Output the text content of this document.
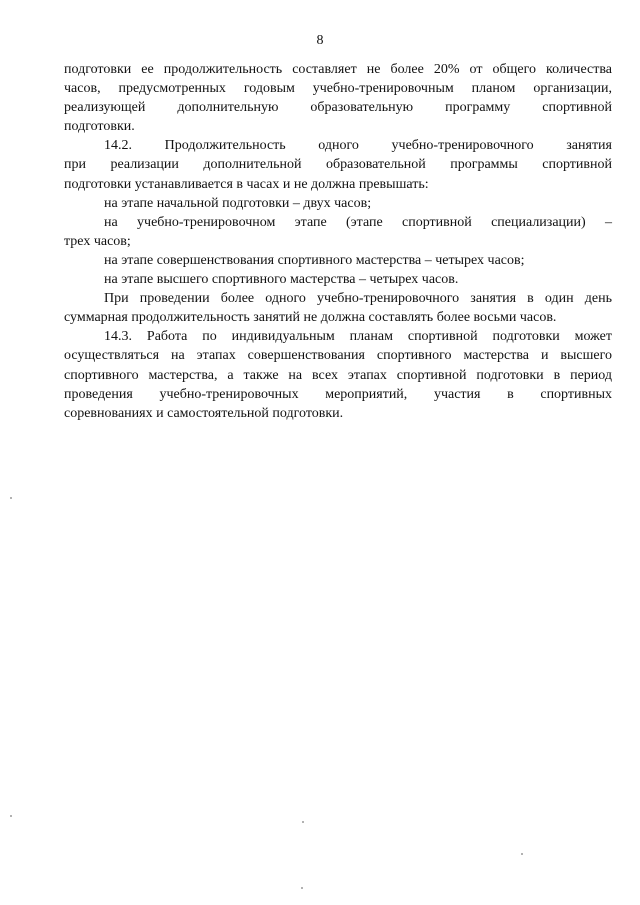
8
подготовки ее продолжительность составляет не более 20% от общего количества
часов, предусмотренных годовым учебно-тренировочным планом организации,
реализующей дополнительную образовательную программу спортивной
подготовки.
14.2. Продолжительность одного учебно-тренировочного занятия
при реализации дополнительной образовательной программы спортивной
подготовки устанавливается в часах и не должна превышать:
на этапе начальной подготовки – двух часов;
на учебно-тренировочном этапе (этапе спортивной специализации) –
трех часов;
на этапе совершенствования спортивного мастерства – четырех часов;
на этапе высшего спортивного мастерства – четырех часов.
При проведении более одного учебно-тренировочного занятия в один день
суммарная продолжительность занятий не должна составлять более восьми часов.
14.3. Работа по индивидуальным планам спортивной подготовки может
осуществляться на этапах совершенствования спортивного мастерства и высшего
спортивного мастерства, а также на всех этапах спортивной подготовки в период
проведения учебно-тренировочных мероприятий, участия в спортивных
соревнованиях и самостоятельной подготовки.
